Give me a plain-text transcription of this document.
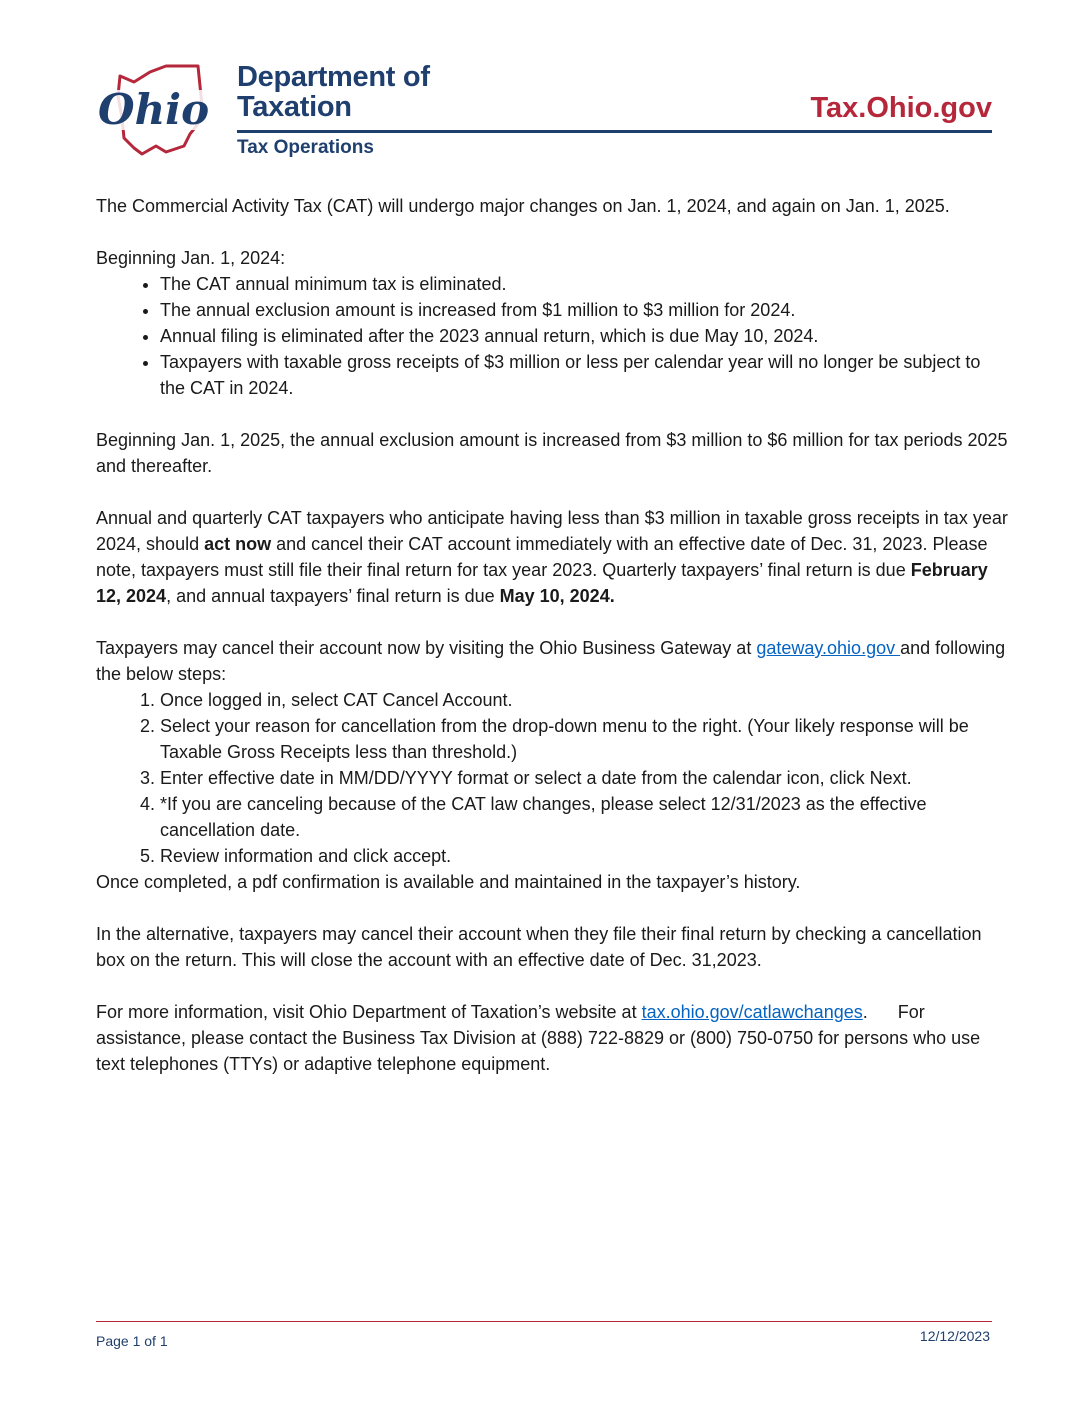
Ohio
Department of
Taxation
Tax Operations
Tax.Ohio.gov

The Commercial Activity Tax (CAT) will undergo major changes on Jan. 1, 2024, and again on Jan. 1, 2025.

Beginning Jan. 1, 2024:

• The CAT annual minimum tax is eliminated.
• The annual exclusion amount is increased from $1 million to $3 million for 2024.
• Annual filing is eliminated after the 2023 annual return, which is due May 10, 2024.
• Taxpayers with taxable gross receipts of $3 million or less per calendar year will no longer be subject to the CAT in 2024.

Beginning Jan. 1, 2025, the annual exclusion amount is increased from $3 million to $6 million for tax periods 2025 and thereafter.

Annual and quarterly CAT taxpayers who anticipate having less than $3 million in taxable gross receipts in tax year 2024, should act now and cancel their CAT account immediately with an effective date of Dec. 31, 2023. Please note, taxpayers must still file their final return for tax year 2023. Quarterly taxpayers’ final return is due February 12, 2024, and annual taxpayers’ final return is due May 10, 2024.

Taxpayers may cancel their account now by visiting the Ohio Business Gateway at gateway.ohio.gov and following the below steps:

1. Once logged in, select CAT Cancel Account.
2. Select your reason for cancellation from the drop-down menu to the right. (Your likely response will be Taxable Gross Receipts less than threshold.)
3. Enter effective date in MM/DD/YYYY format or select a date from the calendar icon, click Next.
4. *If you are canceling because of the CAT law changes, please select 12/31/2023 as the effective cancellation date.
5. Review information and click accept.

Once completed, a pdf confirmation is available and maintained in the taxpayer’s history.

In the alternative, taxpayers may cancel their account when they file their final return by checking a cancellation box on the return. This will close the account with an effective date of Dec. 31,2023.

For more information, visit Ohio Department of Taxation’s website at tax.ohio.gov/catlawchanges.      For assistance, please contact the Business Tax Division at (888) 722-8829 or (800) 750-0750 for persons who use text telephones (TTYs) or adaptive telephone equipment.

Page 1 of 1	12/12/2023
